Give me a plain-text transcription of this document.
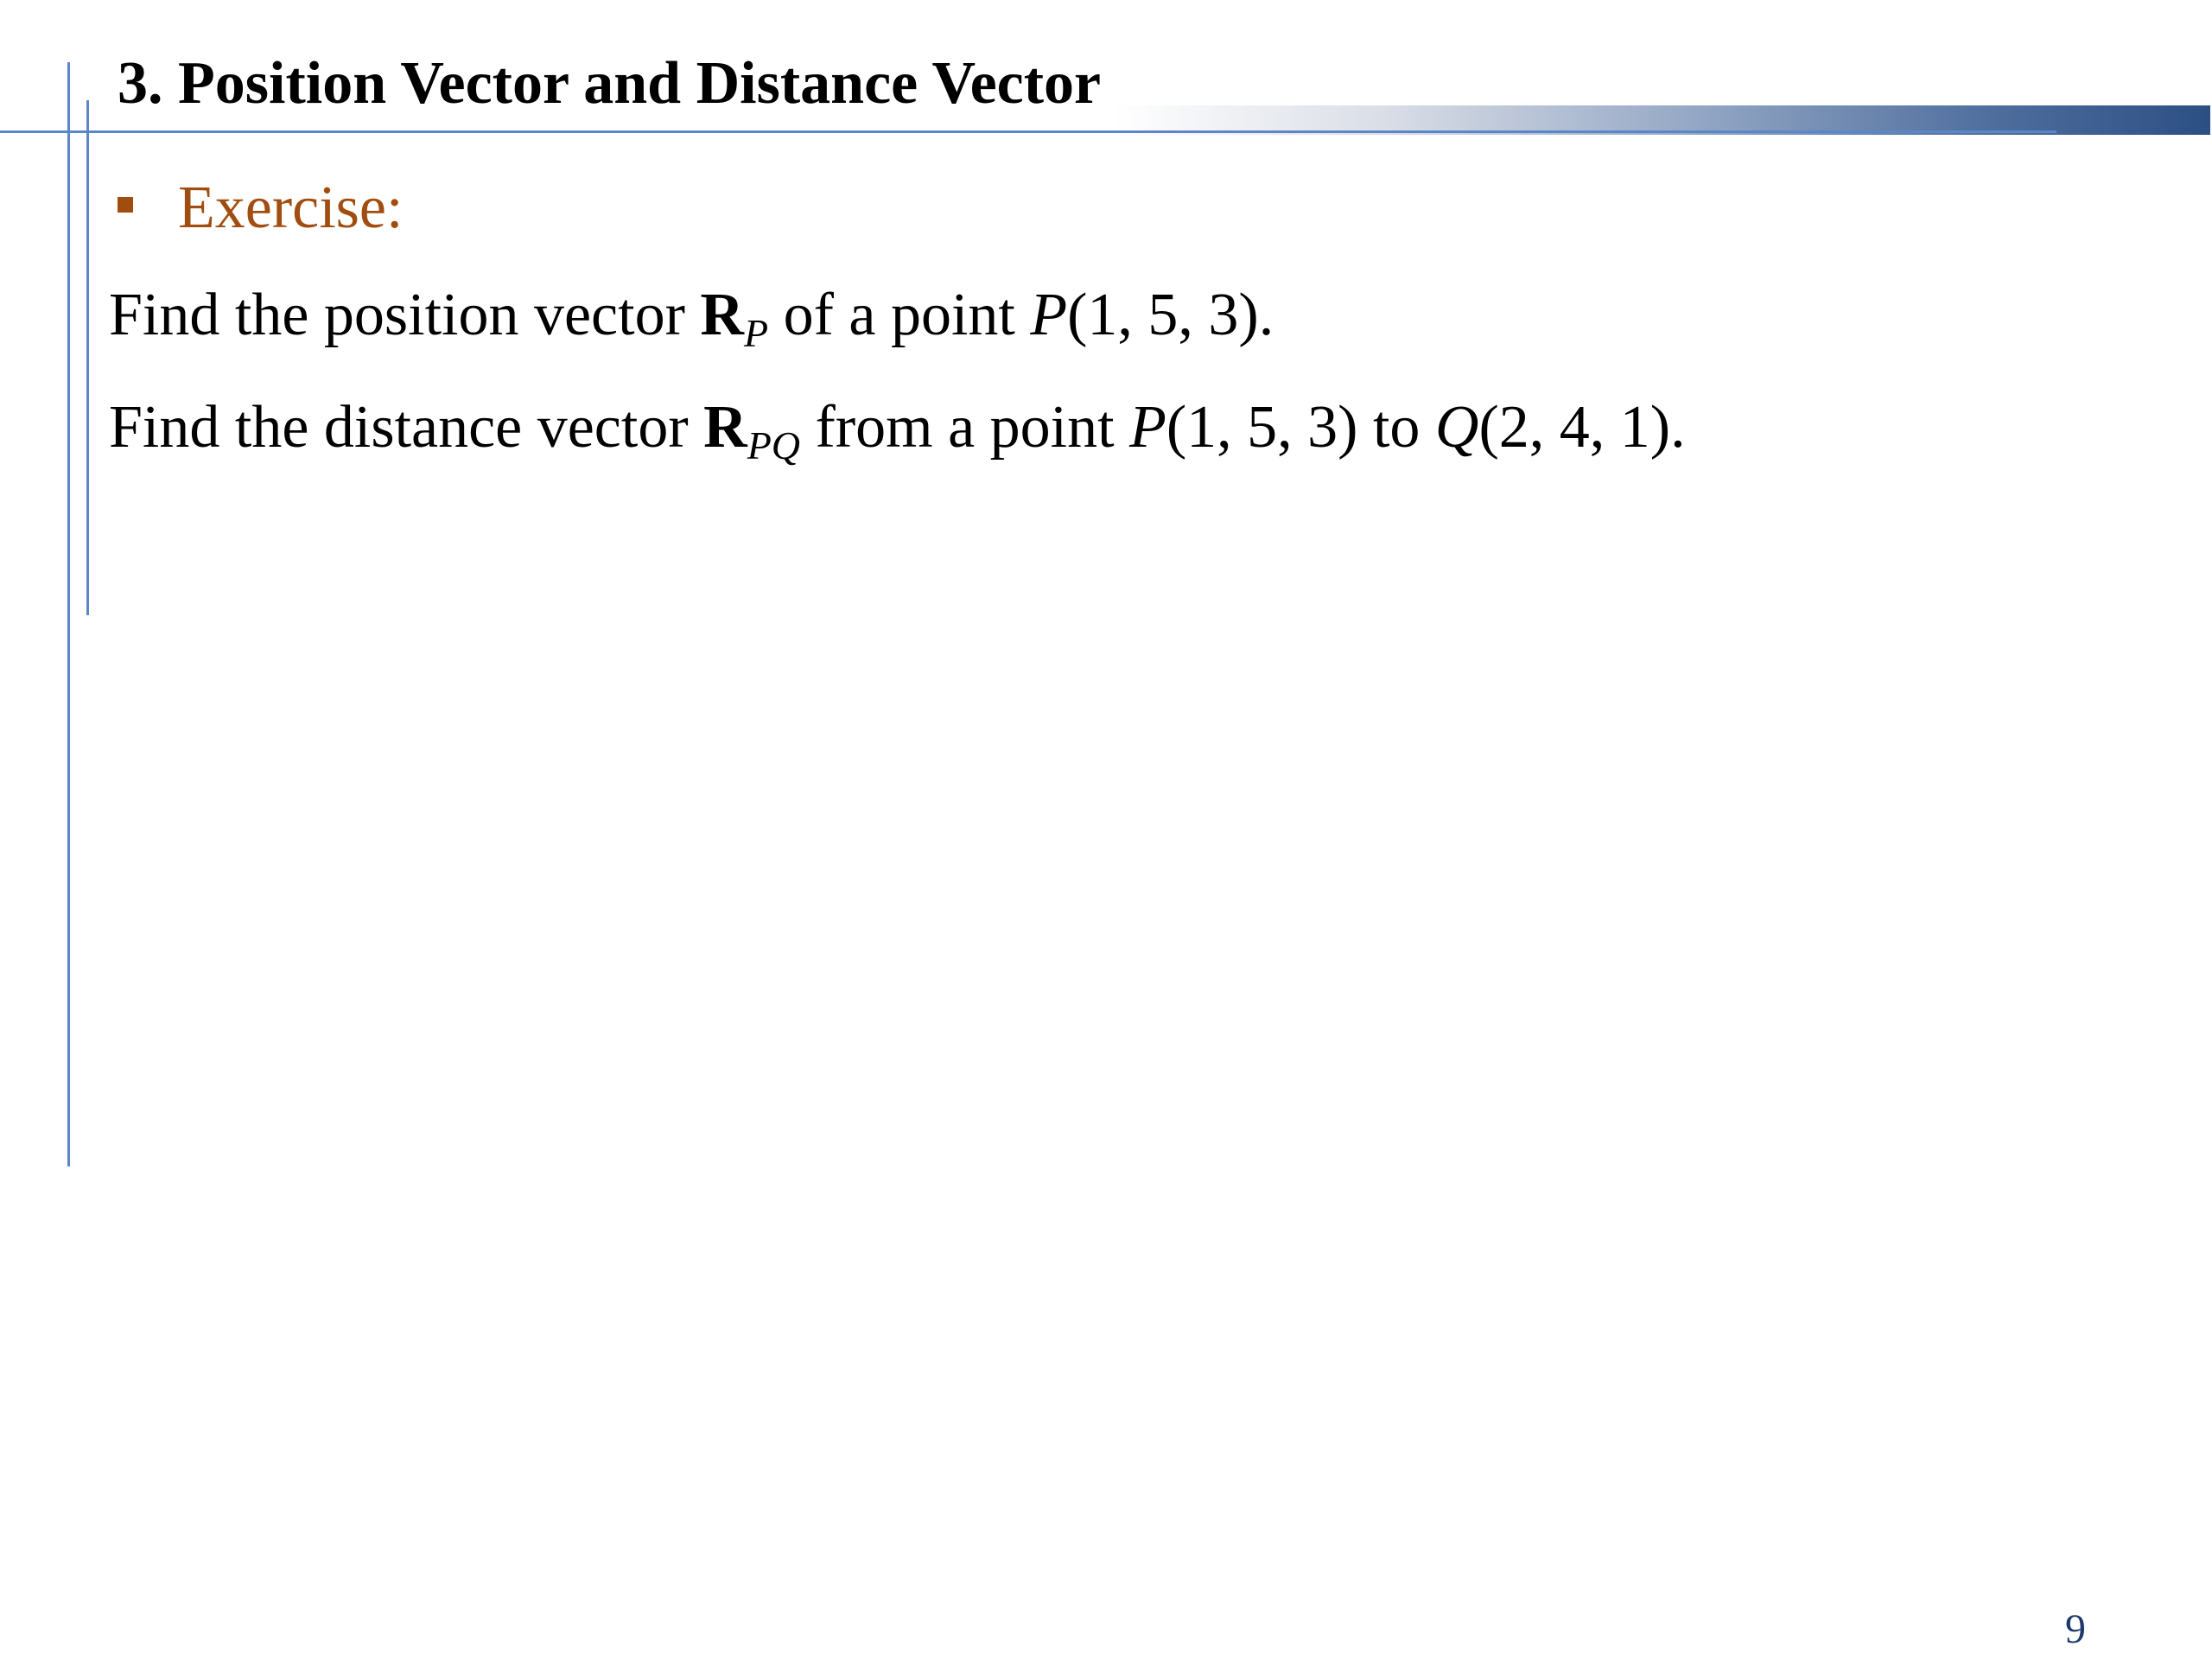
3. Position Vector and Distance Vector
Exercise:
Find the position vector $R_P$ of a point P(1, 5, 3).
Find the distance vector $R_{PQ}$ from a point P(1, 5, 3) to Q(2, 4, 1).
9
